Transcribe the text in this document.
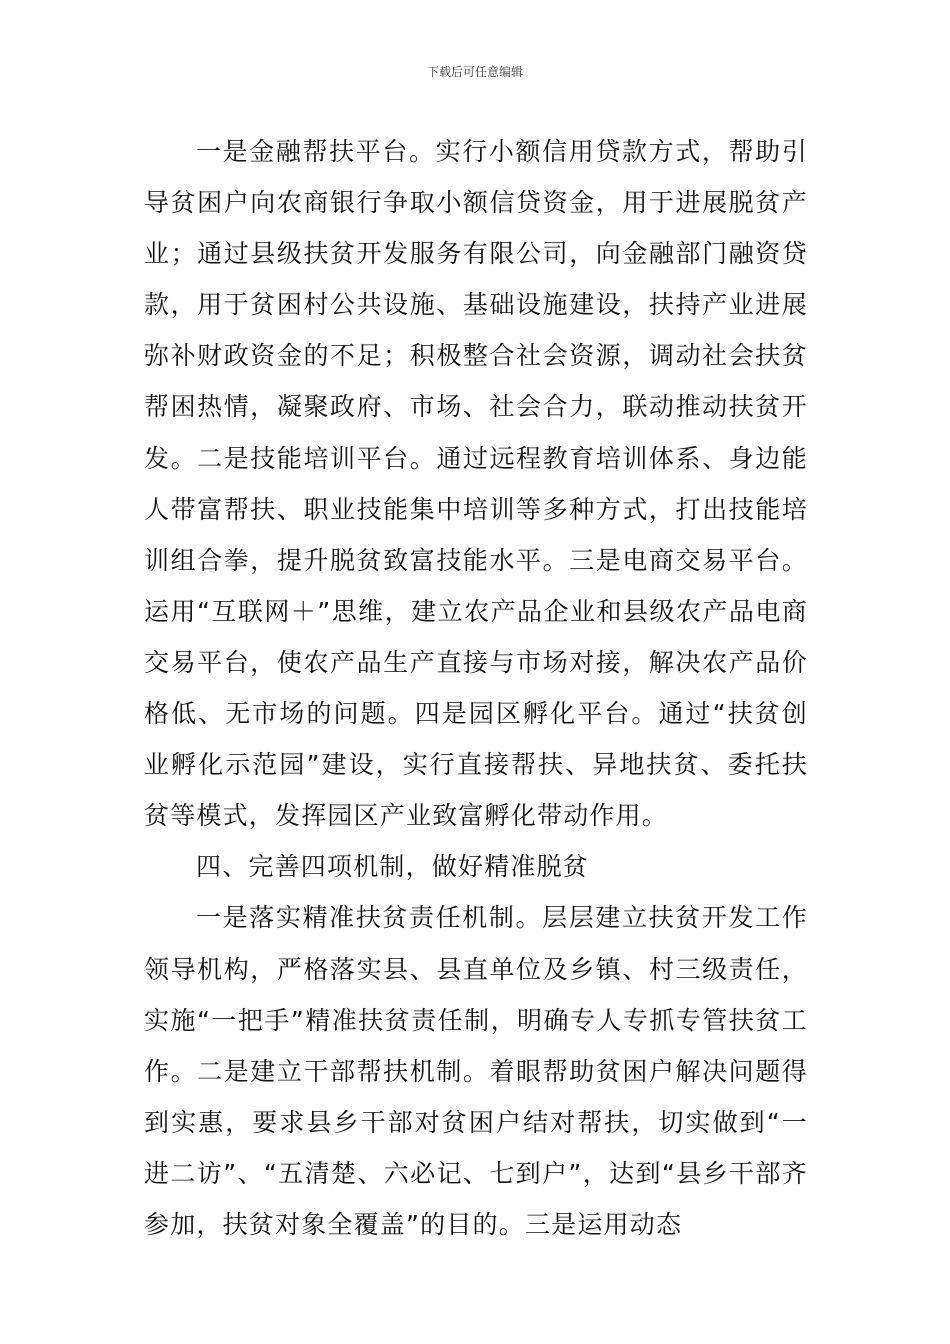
下载后可任意编辑

一是金融帮扶平台。实行小额信用贷款方式，帮助引导贫困户向农商银行争取小额信贷资金，用于进展脱贫产业；通过县级扶贫开发服务有限公司，向金融部门融资贷款，用于贫困村公共设施、基础设施建设，扶持产业进展弥补财政资金的不足；积极整合社会资源，调动社会扶贫帮困热情，凝聚政府、市场、社会合力，联动推动扶贫开发。二是技能培训平台。通过远程教育培训体系、身边能人带富帮扶、职业技能集中培训等多种方式，打出技能培训组合拳，提升脱贫致富技能水平。三是电商交易平台。运用“互联网＋”思维，建立农产品企业和县级农产品电商交易平台，使农产品生产直接与市场对接，解决农产品价格低、无市场的问题。四是园区孵化平台。通过“扶贫创业孵化示范园”建设，实行直接帮扶、异地扶贫、委托扶贫等模式，发挥园区产业致富孵化带动作用。

四、完善四项机制，做好精准脱贫

一是落实精准扶贫责任机制。层层建立扶贫开发工作领导机构，严格落实县、县直单位及乡镇、村三级责任，实施“一把手”精准扶贫责任制，明确专人专抓专管扶贫工作。二是建立干部帮扶机制。着眼帮助贫困户解决问题得到实惠，要求县乡干部对贫困户结对帮扶，切实做到“一进二访”、“五清楚、六必记、七到户”，达到“县乡干部齐参加，扶贫对象全覆盖”的目的。三是运用动态
